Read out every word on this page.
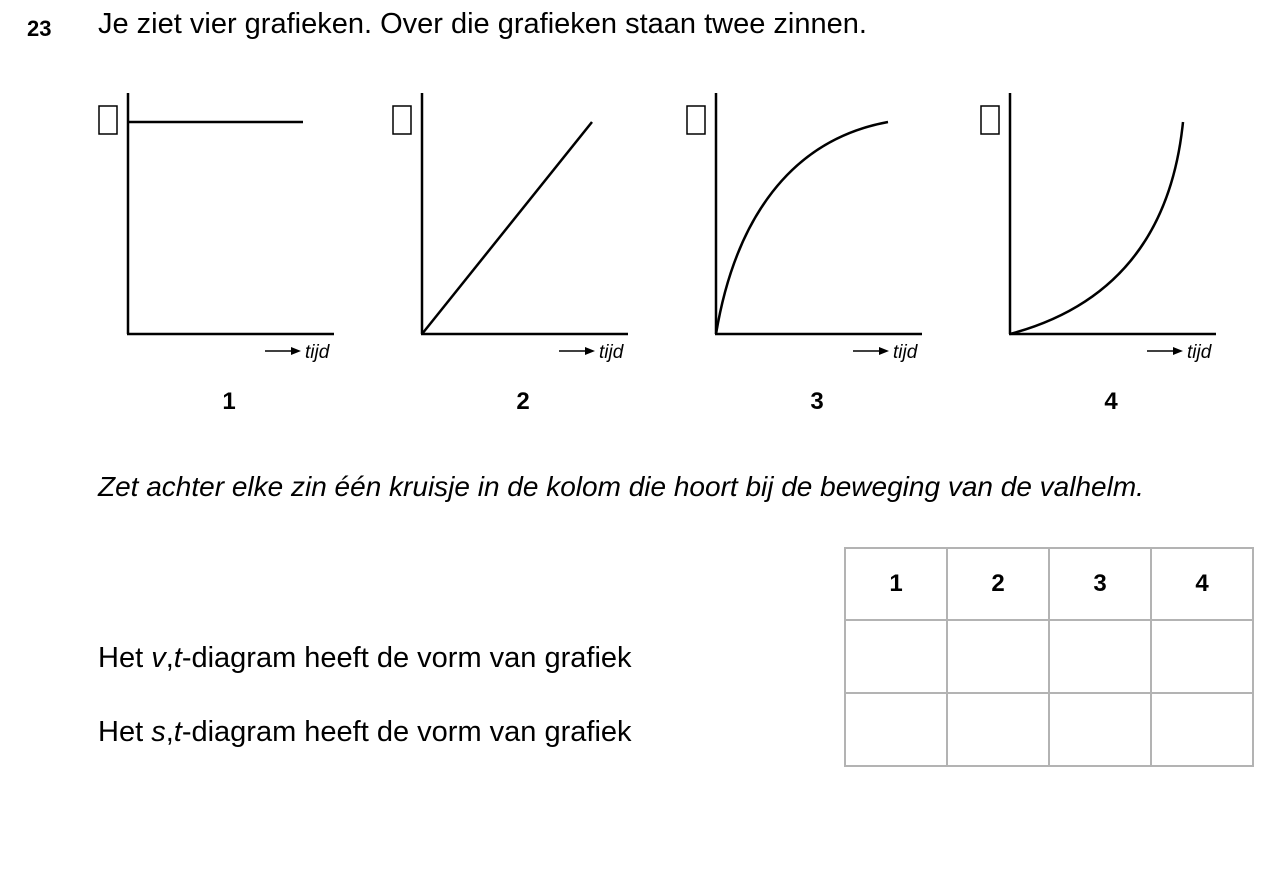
23 Je ziet vier grafieken. Over die grafieken staan twee zinnen.
tijd	tijd	tijd	tijd
1	2	3	4
Zet achter elke zin één kruisje in de kolom die hoort bij de beweging van de valhelm.
Het v,t-diagram heeft de vorm van grafiek
Het s,t-diagram heeft de vorm van grafiek
1	2	3	4
